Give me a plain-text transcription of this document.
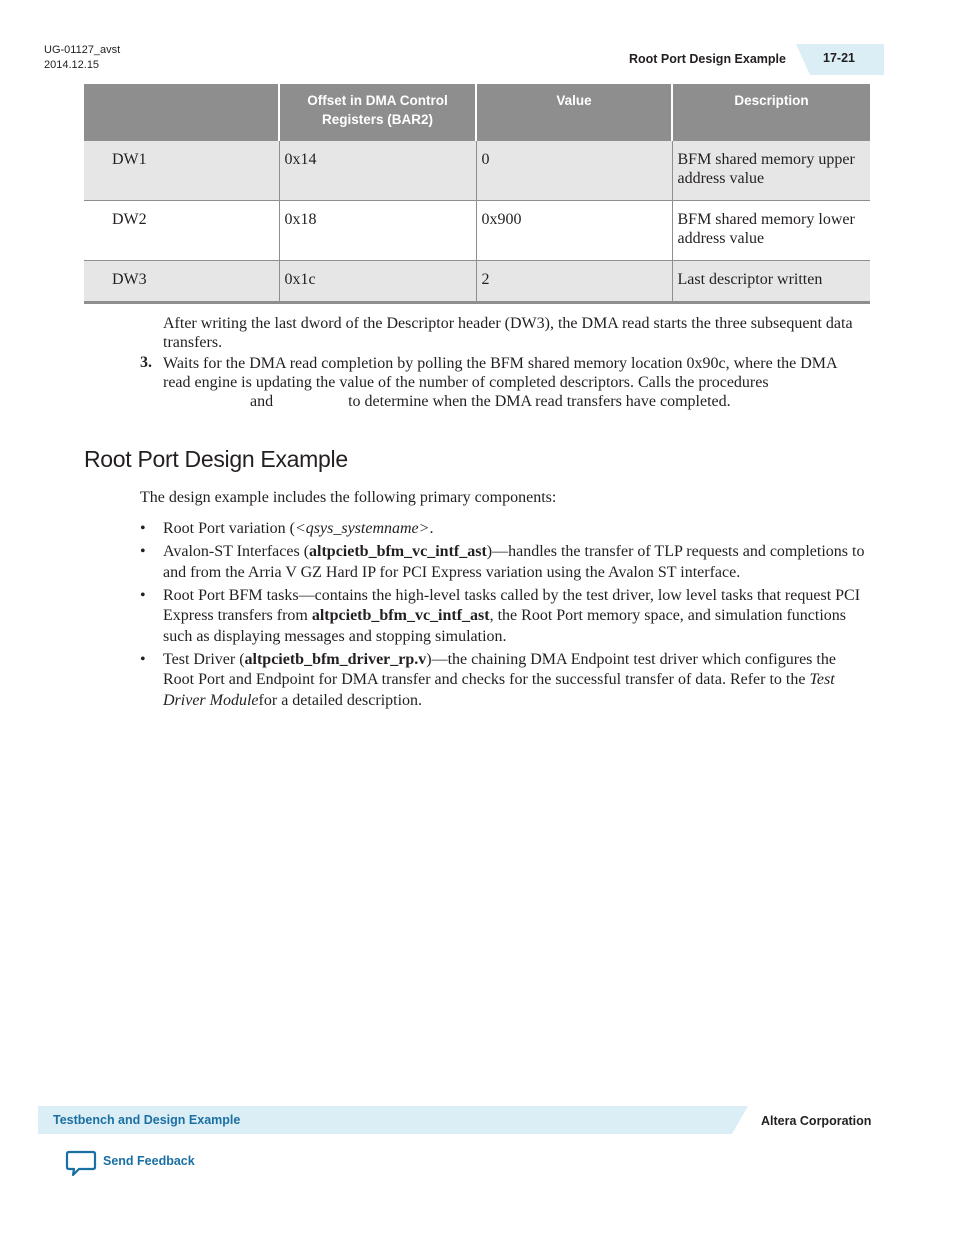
UG-01127_avst
2014.12.15	Root Port Design Example	17-21
	Offset in DMA Control Registers (BAR2)	Value	Description
DW1	0x14	0	BFM shared memory upper address value
DW2	0x18	0x900	BFM shared memory lower address value
DW3	0x1c	2	Last descriptor written
After writing the last dword of the Descriptor header (DW3), the DMA read starts the three subsequent data transfers.
3. Waits for the DMA read completion by polling the BFM shared memory location 0x90c, where the DMA read engine is updating the value of the number of completed descriptors. Calls the procedures
and	to determine when the DMA read transfers have completed.
Root Port Design Example
The design example includes the following primary components:
• Root Port variation (<qsys_systemname>.
• Avalon-ST Interfaces (altpcietb_bfm_vc_intf_ast)—handles the transfer of TLP requests and completions to and from the Arria V GZ Hard IP for PCI Express variation using the Avalon ST interface.
• Root Port BFM tasks—contains the high-level tasks called by the test driver, low level tasks that request PCI Express transfers from altpcietb_bfm_vc_intf_ast, the Root Port memory space, and simulation functions such as displaying messages and stopping simulation.
• Test Driver (altpcietb_bfm_driver_rp.v)—the chaining DMA Endpoint test driver which configures the Root Port and Endpoint for DMA transfer and checks for the successful transfer of data. Refer to the Test Driver Modulefor a detailed description.
Testbench and Design Example	Altera Corporation
Send Feedback
